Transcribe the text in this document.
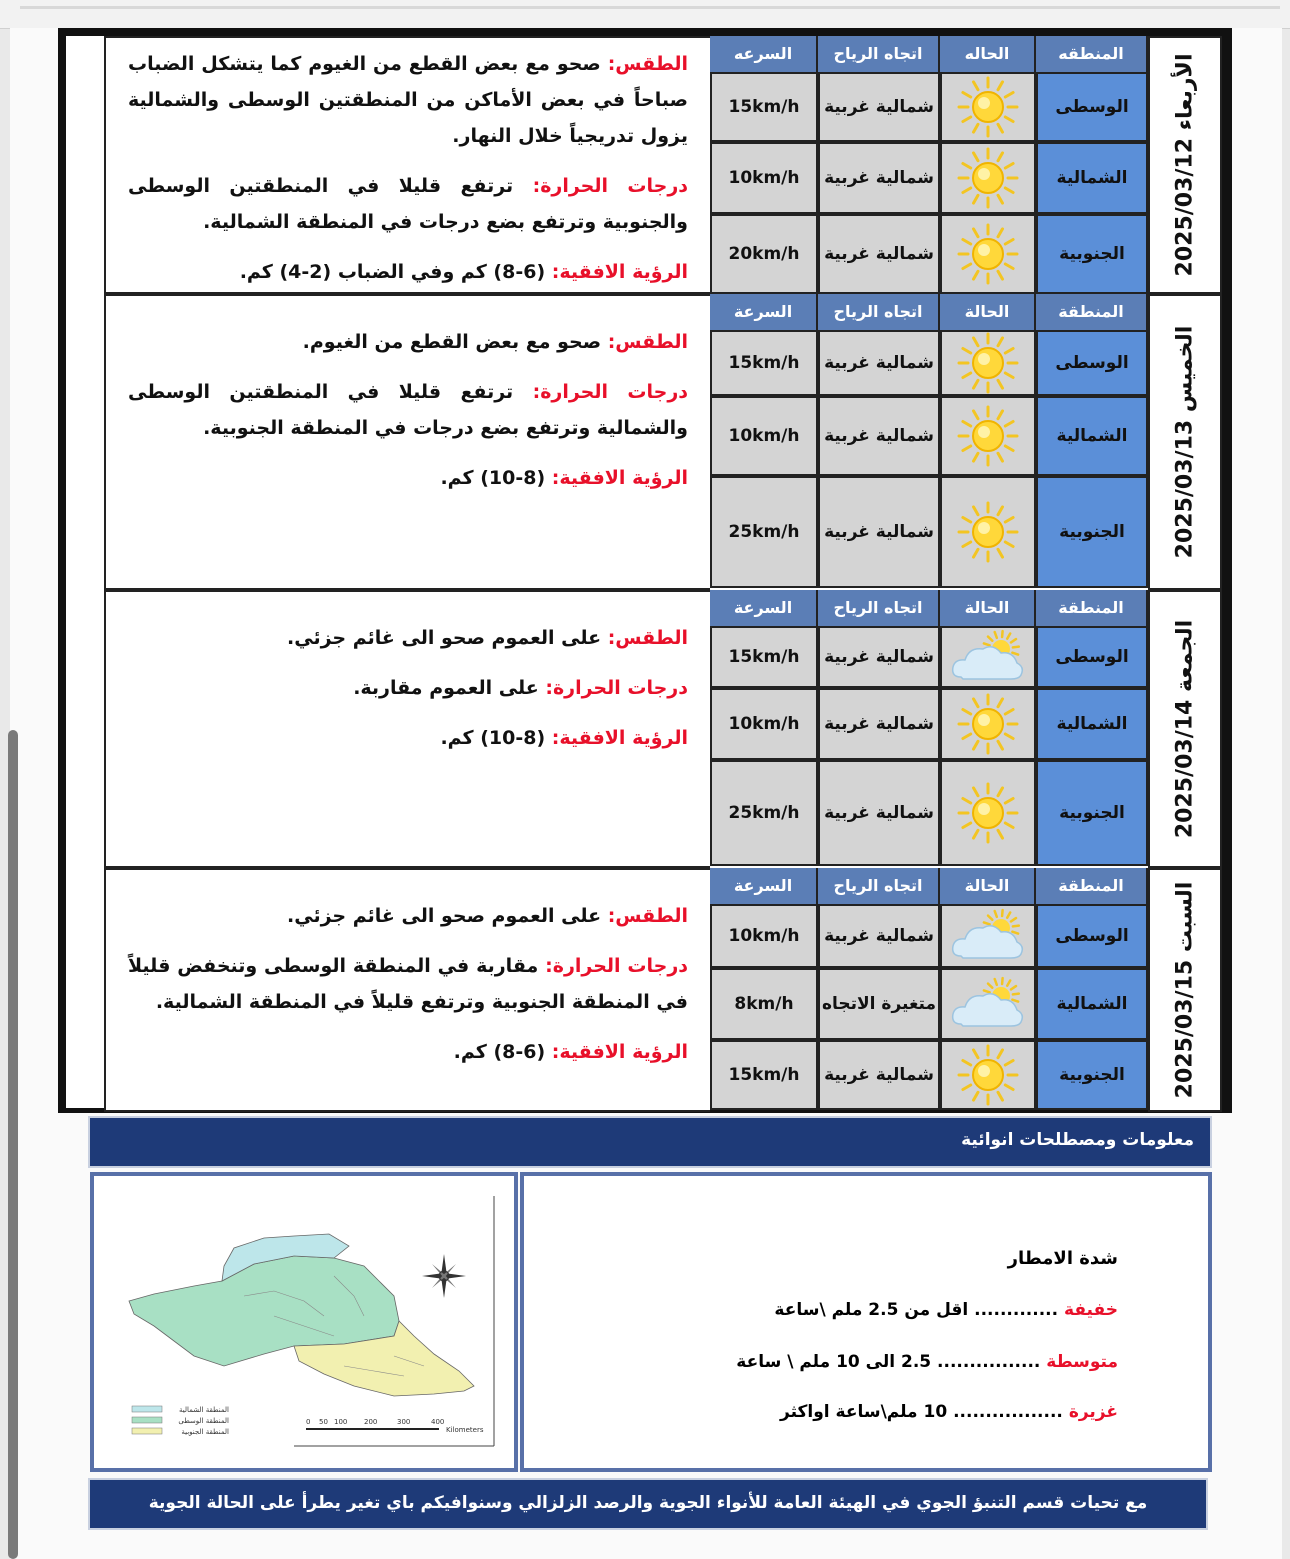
الطقس: صحو مع بعض القطع من الغيوم كما يتشكل الضباب صباحاً في بعض الأماكن من المنطقتين الوسطى والشمالية يزول تدريجياً خلال النهار.

درجات الحرارة: ترتفع قليلا في المنطقتين الوسطى والجنوبية وترتفع بضع درجات في المنطقة الشمالية.

الرؤية الافقية: (6-8) كم وفي الضباب (2-4) كم.

السرعه	اتجاه الرياح	الحاله	المنطقه
15km/h	شمالية غربية	الوسطى
10km/h	شمالية غربية	الشمالية
20km/h	شمالية غربية	الجنوبية	الأربعاء 2025/03/12

الطقس: صحو مع بعض القطع من الغيوم.

درجات الحرارة: ترتفع قليلا في المنطقتين الوسطى والشمالية وترتفع بضع درجات في المنطقة الجنوبية.

الرؤية الافقية: (8-10) كم.

السرعة	اتجاه الرياح	الحالة	المنطقة
15km/h	شمالية غربية	الوسطى
10km/h	شمالية غربية	الشمالية
25km/h	شمالية غربية	الجنوبية	الخميس 2025/03/13

الطقس: على العموم صحو الى غائم جزئي.

درجات الحرارة: على العموم مقاربة.

الرؤية الافقية: (8-10) كم.

السرعة	اتجاه الرياح	الحالة	المنطقة
15km/h	شمالية غربية	الوسطى
10km/h	شمالية غربية	الشمالية
25km/h	شمالية غربية	الجنوبية	الجمعة 2025/03/14

الطقس: على العموم صحو الى غائم جزئي.

درجات الحرارة: مقاربة في المنطقة الوسطى وتنخفض قليلاً في المنطقة الجنوبية وترتفع قليلاً في المنطقة الشمالية.

الرؤية الافقية: (6-8) كم.

السرعة	اتجاه الرياح	الحالة	المنطقة
10km/h	شمالية غربية	الوسطى
8km/h	متغيرة الاتجاه	الشمالية
15km/h	شمالية غربية	الجنوبية	السبت 2025/03/15
معلومات ومصطلحات انوائية
المنطقة الشمالية
المنطقة الوسطى
المنطقة الجنوبية
0 50 100 200	300	400
Kilometers
شدة الامطار
خفيفة ............. اقل من 2.5 ملم \ساعة
متوسطة ................ 2.5 الى 10 ملم \ ساعة
غزيرة ................. 10 ملم\ساعة اواكثر
مع تحيات قسم التنبؤ الجوي في الهيئة العامة للأنواء الجوية والرصد الزلزالي وسنوافيكم باي تغير يطرأ على الحالة الجوية
